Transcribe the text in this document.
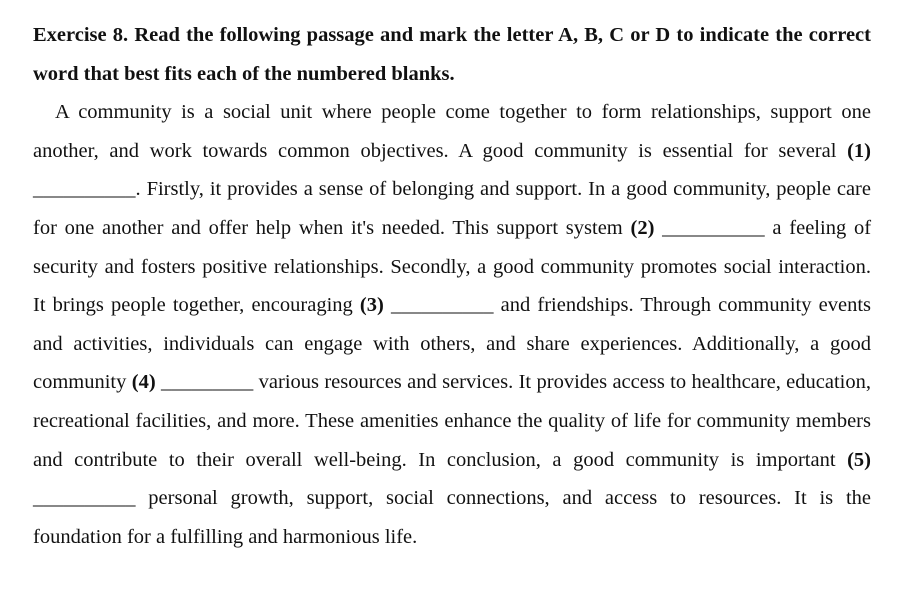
Exercise 8. Read the following passage and mark the letter A, B, C or D to indicate the correct word that best fits each of the numbered blanks.

A community is a social unit where people come together to form relationships, support one another, and work towards common objectives. A good community is essential for several (1) __________. Firstly, it provides a sense of belonging and support. In a good community, people care for one another and offer help when it's needed. This support system (2) __________ a feeling of security and fosters positive relationships. Secondly, a good community promotes social interaction. It brings people together, encouraging (3) __________ and friendships. Through community events and activities, individuals can engage with others, and share experiences. Additionally, a good community (4) _________ various resources and services. It provides access to healthcare, education, recreational facilities, and more. These amenities enhance the quality of life for community members and contribute to their overall well-being. In conclusion, a good community is important (5) __________ personal growth, support, social connections, and access to resources. It is the foundation for a fulfilling and harmonious life.
